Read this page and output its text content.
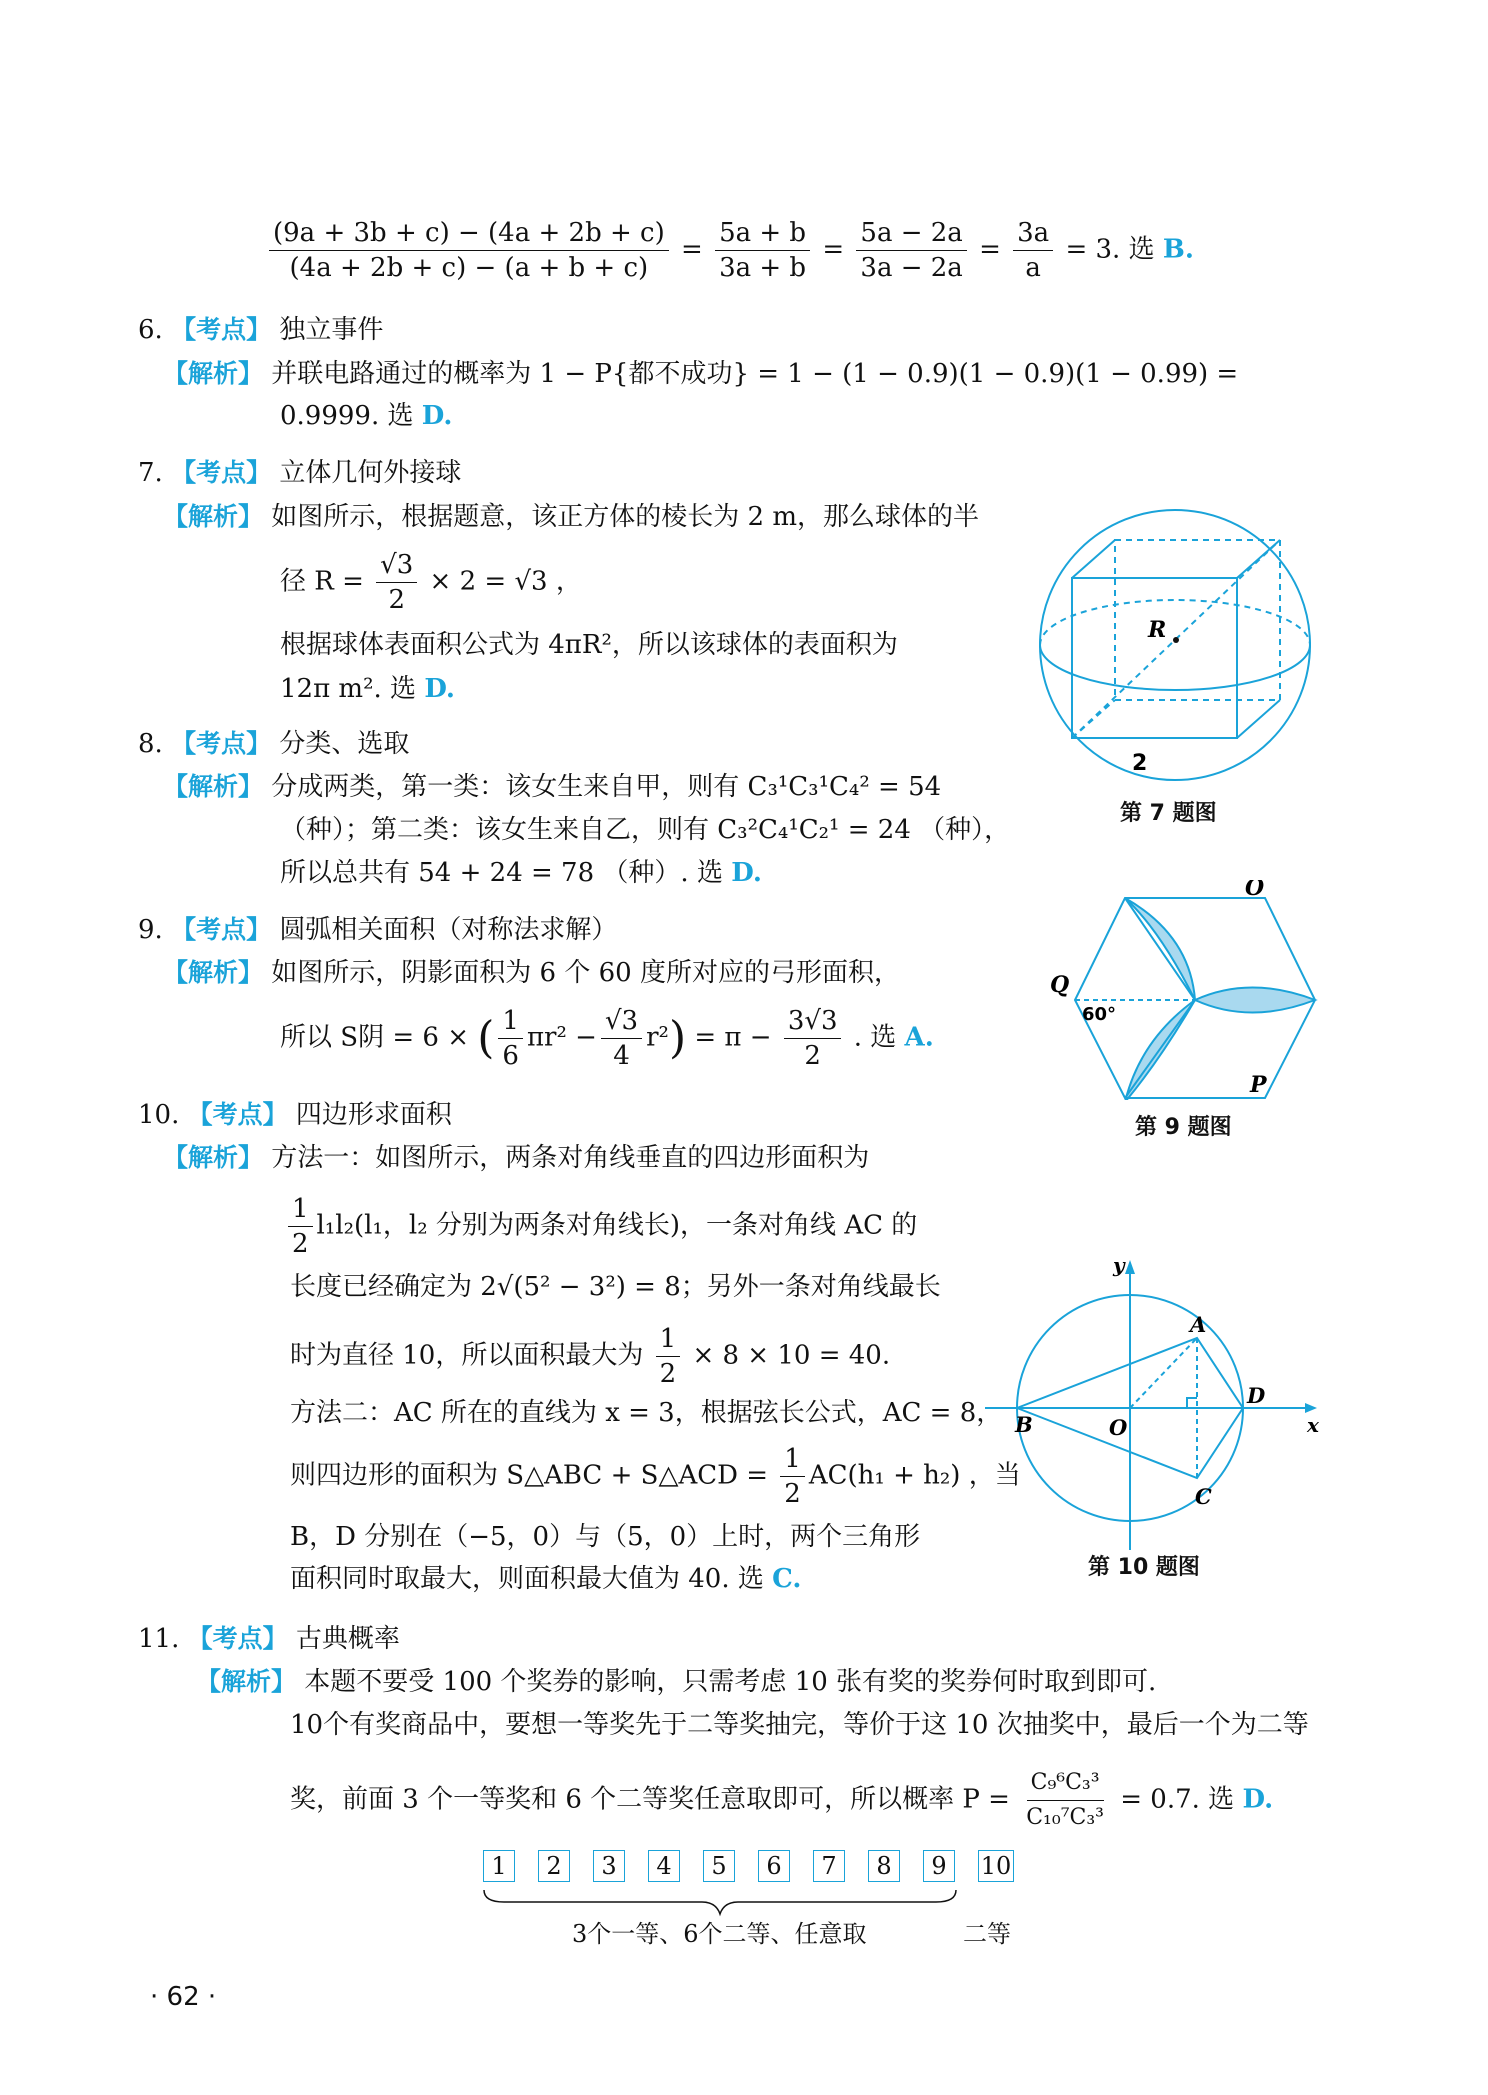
$\frac{(9a + 3b + c) - (4a + 2b + c)}{(4a + 2b + c) - (a + b + c)} = \frac{5a + b}{3a + b} = \frac{5a - 2a}{3a - 2a} = \frac{3a}{a} = 3$. 选 B.
6. 【考点】 独立事件
【解析】 并联电路通过的概率为 1 − P{都不成功} = 1 − (1 − 0.9)(1 − 0.9)(1 − 0.99) =
0.9999. 选 D.
7. 【考点】 立体几何外接球
【解析】 如图所示，根据题意，该正方体的棱长为 2 m，那么球体的半
径 $R = \frac{√3}{2} \times 2 = √3$ ，
根据球体表面积公式为 4πR²，所以该球体的表面积为
12π m². 选 D.
R
2
第 7 题图
8. 【考点】 分类、选取
【解析】 分成两类，第一类：该女生来自甲，则有 C₃¹C₃¹C₄² = 54
（种）；第二类：该女生来自乙，则有 C₃²C₄¹C₂¹ = 24 （种），
所以总共有 54 + 24 = 78 （种）. 选 D.
9. 【考点】 圆弧相关面积（对称法求解）
【解析】 如图所示，阴影面积为 6 个 60 度所对应的弓形面积，
所以 S阴 = 6 × ( $\frac{1}{6} \pi r^2 - \frac{√3}{4} r^2) = \pi - \frac{3√3}{2}$ . 选 A.
O
Q
P
60°
第 9 题图
10. 【考点】 四边形求面积
【解析】 方法一：如图所示，两条对角线垂直的四边形面积为
$\frac{1}{2} l_1l_2(l_1$，l₂ 分别为两条对角线长)，一条对角线 AC 的
长度已经确定为 2√(5² − 3²) = 8；另外一条对角线最长
时为直径 10，所以面积最大为 $\frac{1}{2} \times 8 \times 10 = 40$.
方法二：AC 所在的直线为 x = 3，根据弦长公式，AC = 8，
则四边形的面积为 S△ABC + S△ACD = $\frac{1}{2} AC(h_1 + h_2)$ ，当
B，D 分别在（−5，0）与（5，0）上时，两个三角形
面积同时取最大，则面积最大值为 40. 选 C.
y
x
A
B
C
D
O
第 10 题图
11. 【考点】 古典概率
【解析】 本题不要受 100 个奖券的影响，只需考虑 10 张有奖的奖券何时取到即可.
10个有奖商品中，要想一等奖先于二等奖抽完，等价于这 10 次抽奖中，最后一个为二等
奖，前面 3 个一等奖和 6 个二等奖任意取即可，所以概率 $P = \frac{\text{C₉⁶C₃³}}{\text{C₁₀⁷C₃³}} = 0.7$. 选 D.
1 2 3 4 5 6 7 8 9 10
3个一等、6个二等、任意取	二等
· 62 ·
